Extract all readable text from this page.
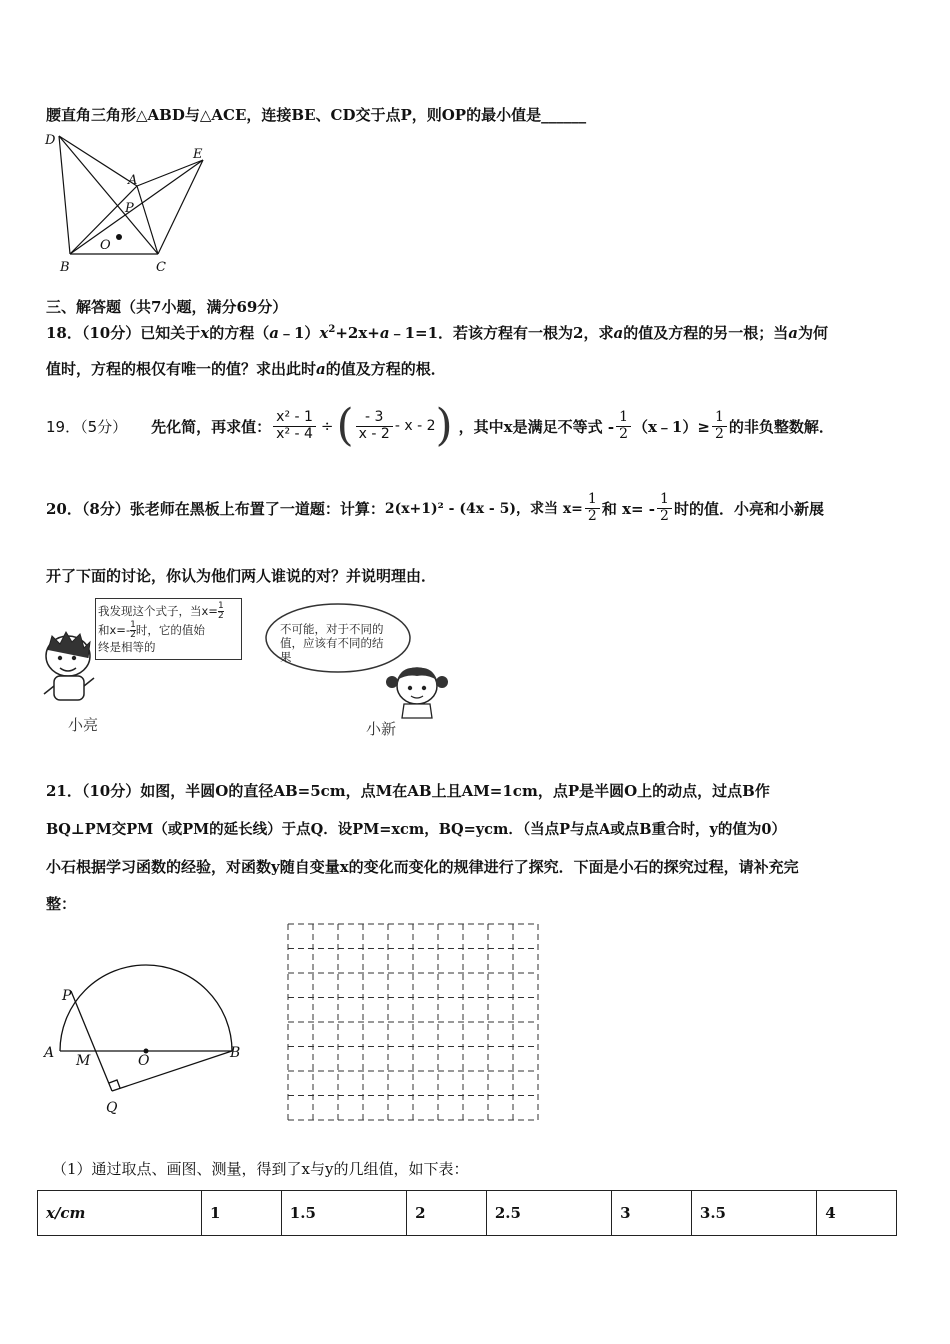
腰直角三角形△ABD与△ACE，连接BE、CD交于点P，则OP的最小值是______
D
E
A
P
O
B	C
三、解答题（共7小题，满分69分）
18．（10分）已知关于x的方程$(a﹣1)x^2+2x+a﹣1=1$．若该方程有一根为2，求a的值及方程的另一根；当a为何
值时，方程的根仅有唯一的值？求出此时a的值及方程的根．
19．（5分） 先化简，再求值： $\frac{\text{x² - 1}}{\text{x² - 4}}$ ÷ ( $\frac{- 3}{x - 2}$ - x - 2 ) ，其中x是满足不等式 - $\frac{1}{2}$ （x﹣1）≥ $\frac{1}{2}$ 的非负整数解．
20．（8分）张老师在黑板上布置了一道题：计算： 2(x+1)² - (4x - 5)，求当 $x= \frac{1}{2}$ 和 $x= - \frac{1}{2}$ 时的值．小亮和小新展
开了下面的讨论，你认为他们两人谁说的对？并说明理由．
我发现这个式子，当$x= \frac{1}{2}$
和$x=- \frac{1}{2}$ 时，它的值始
终是相等的
小亮
不可能，对于不同的
值，应该有不同的结
果
小新
21．（10分）如图，半圆O的直径AB=5cm，点M在AB上且AM=1cm，点P是半圆O上的动点，过点B作
BQ⊥PM交PM（或PM的延长线）于点Q．设PM=xcm，BQ=ycm．（当点P与点A或点B重合时，y的值为0）
小石根据学习函数的经验，对函数y随自变量x的变化而变化的规律进行了探究．下面是小石的探究过程，请补充完
整：
P
A M	O	B
Q
（1）通过取点、画图、测量，得到了x与y的几组值，如下表：
x/cm	1	1.5	2	2.5	3	3.5	4
